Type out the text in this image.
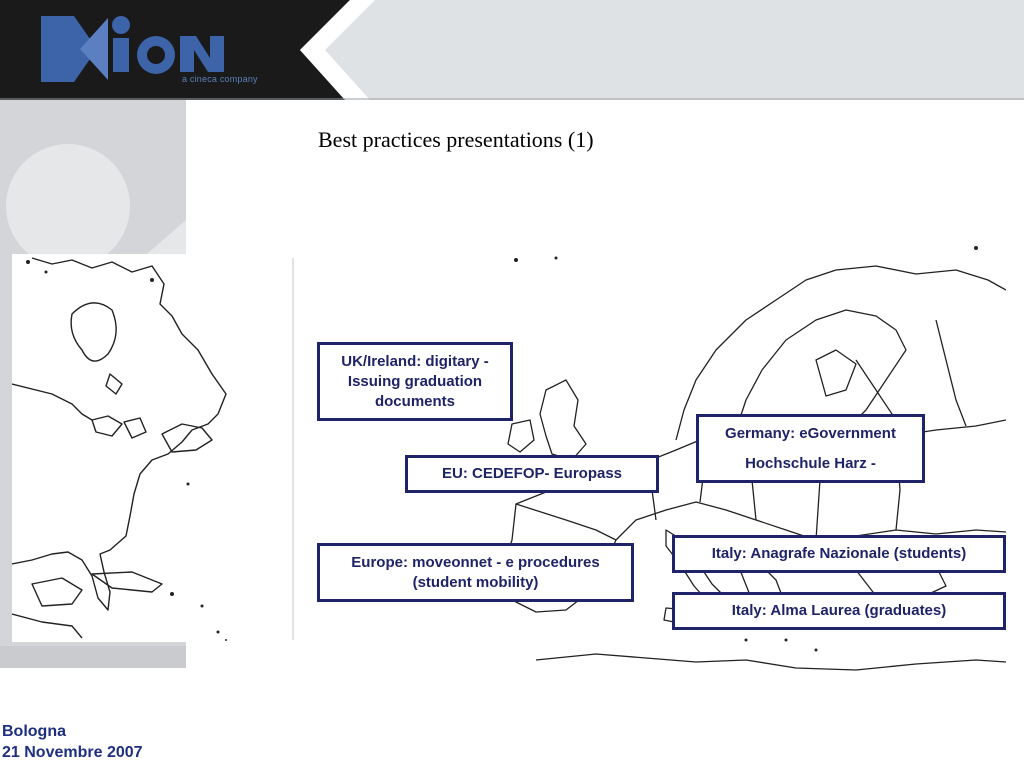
a cineca company
Best practices presentations (1)
UK/Ireland: digitary -
Issuing graduation
documents
EU: CEDEFOP- Europass
Europe: moveonnet - e procedures
(student mobility)
Germany: eGovernment
Hochschule Harz -
Italy: Anagrafe Nazionale (students)
Italy: Alma Laurea (graduates)
Bologna
21 Novembre 2007
